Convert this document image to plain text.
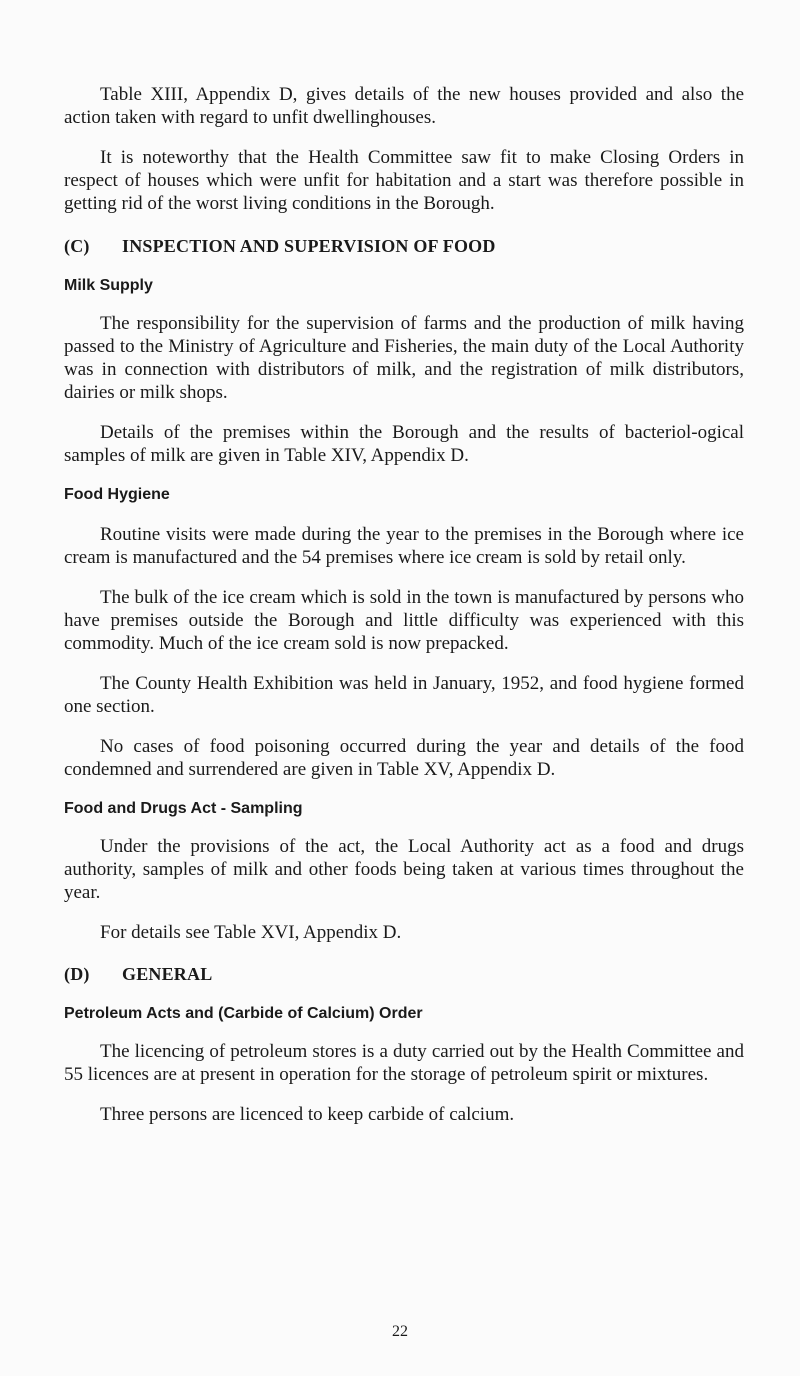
Table XIII, Appendix D, gives details of the new houses provided and also the action taken with regard to unfit dwellinghouses.

It is noteworthy that the Health Committee saw fit to make Closing Orders in respect of houses which were unfit for habitation and a start was therefore possible in getting rid of the worst living conditions in the Borough.

(C) INSPECTION AND SUPERVISION OF FOOD
Milk Supply

The responsibility for the supervision of farms and the production of milk having passed to the Ministry of Agriculture and Fisheries, the main duty of the Local Authority was in connection with distributors of milk, and the registration of milk distributors, dairies or milk shops.

Details of the premises within the Borough and the results of bacteriol-ogical samples of milk are given in Table XIV, Appendix D.

Food Hygiene

Routine visits were made during the year to the premises in the Borough where ice cream is manufactured and the 54 premises where ice cream is sold by retail only.

The bulk of the ice cream which is sold in the town is manufactured by persons who have premises outside the Borough and little difficulty was experienced with this commodity. Much of the ice cream sold is now prepacked.

The County Health Exhibition was held in January, 1952, and food hygiene formed one section.

No cases of food poisoning occurred during the year and details of the food condemned and surrendered are given in Table XV, Appendix D.

Food and Drugs Act - Sampling

Under the provisions of the act, the Local Authority act as a food and drugs authority, samples of milk and other foods being taken at various times throughout the year.

For details see Table XVI, Appendix D.

(D) GENERAL
Petroleum Acts and (Carbide of Calcium) Order

The licencing of petroleum stores is a duty carried out by the Health Committee and 55 licences are at present in operation for the storage of petroleum spirit or mixtures.

Three persons are licenced to keep carbide of calcium.

22
